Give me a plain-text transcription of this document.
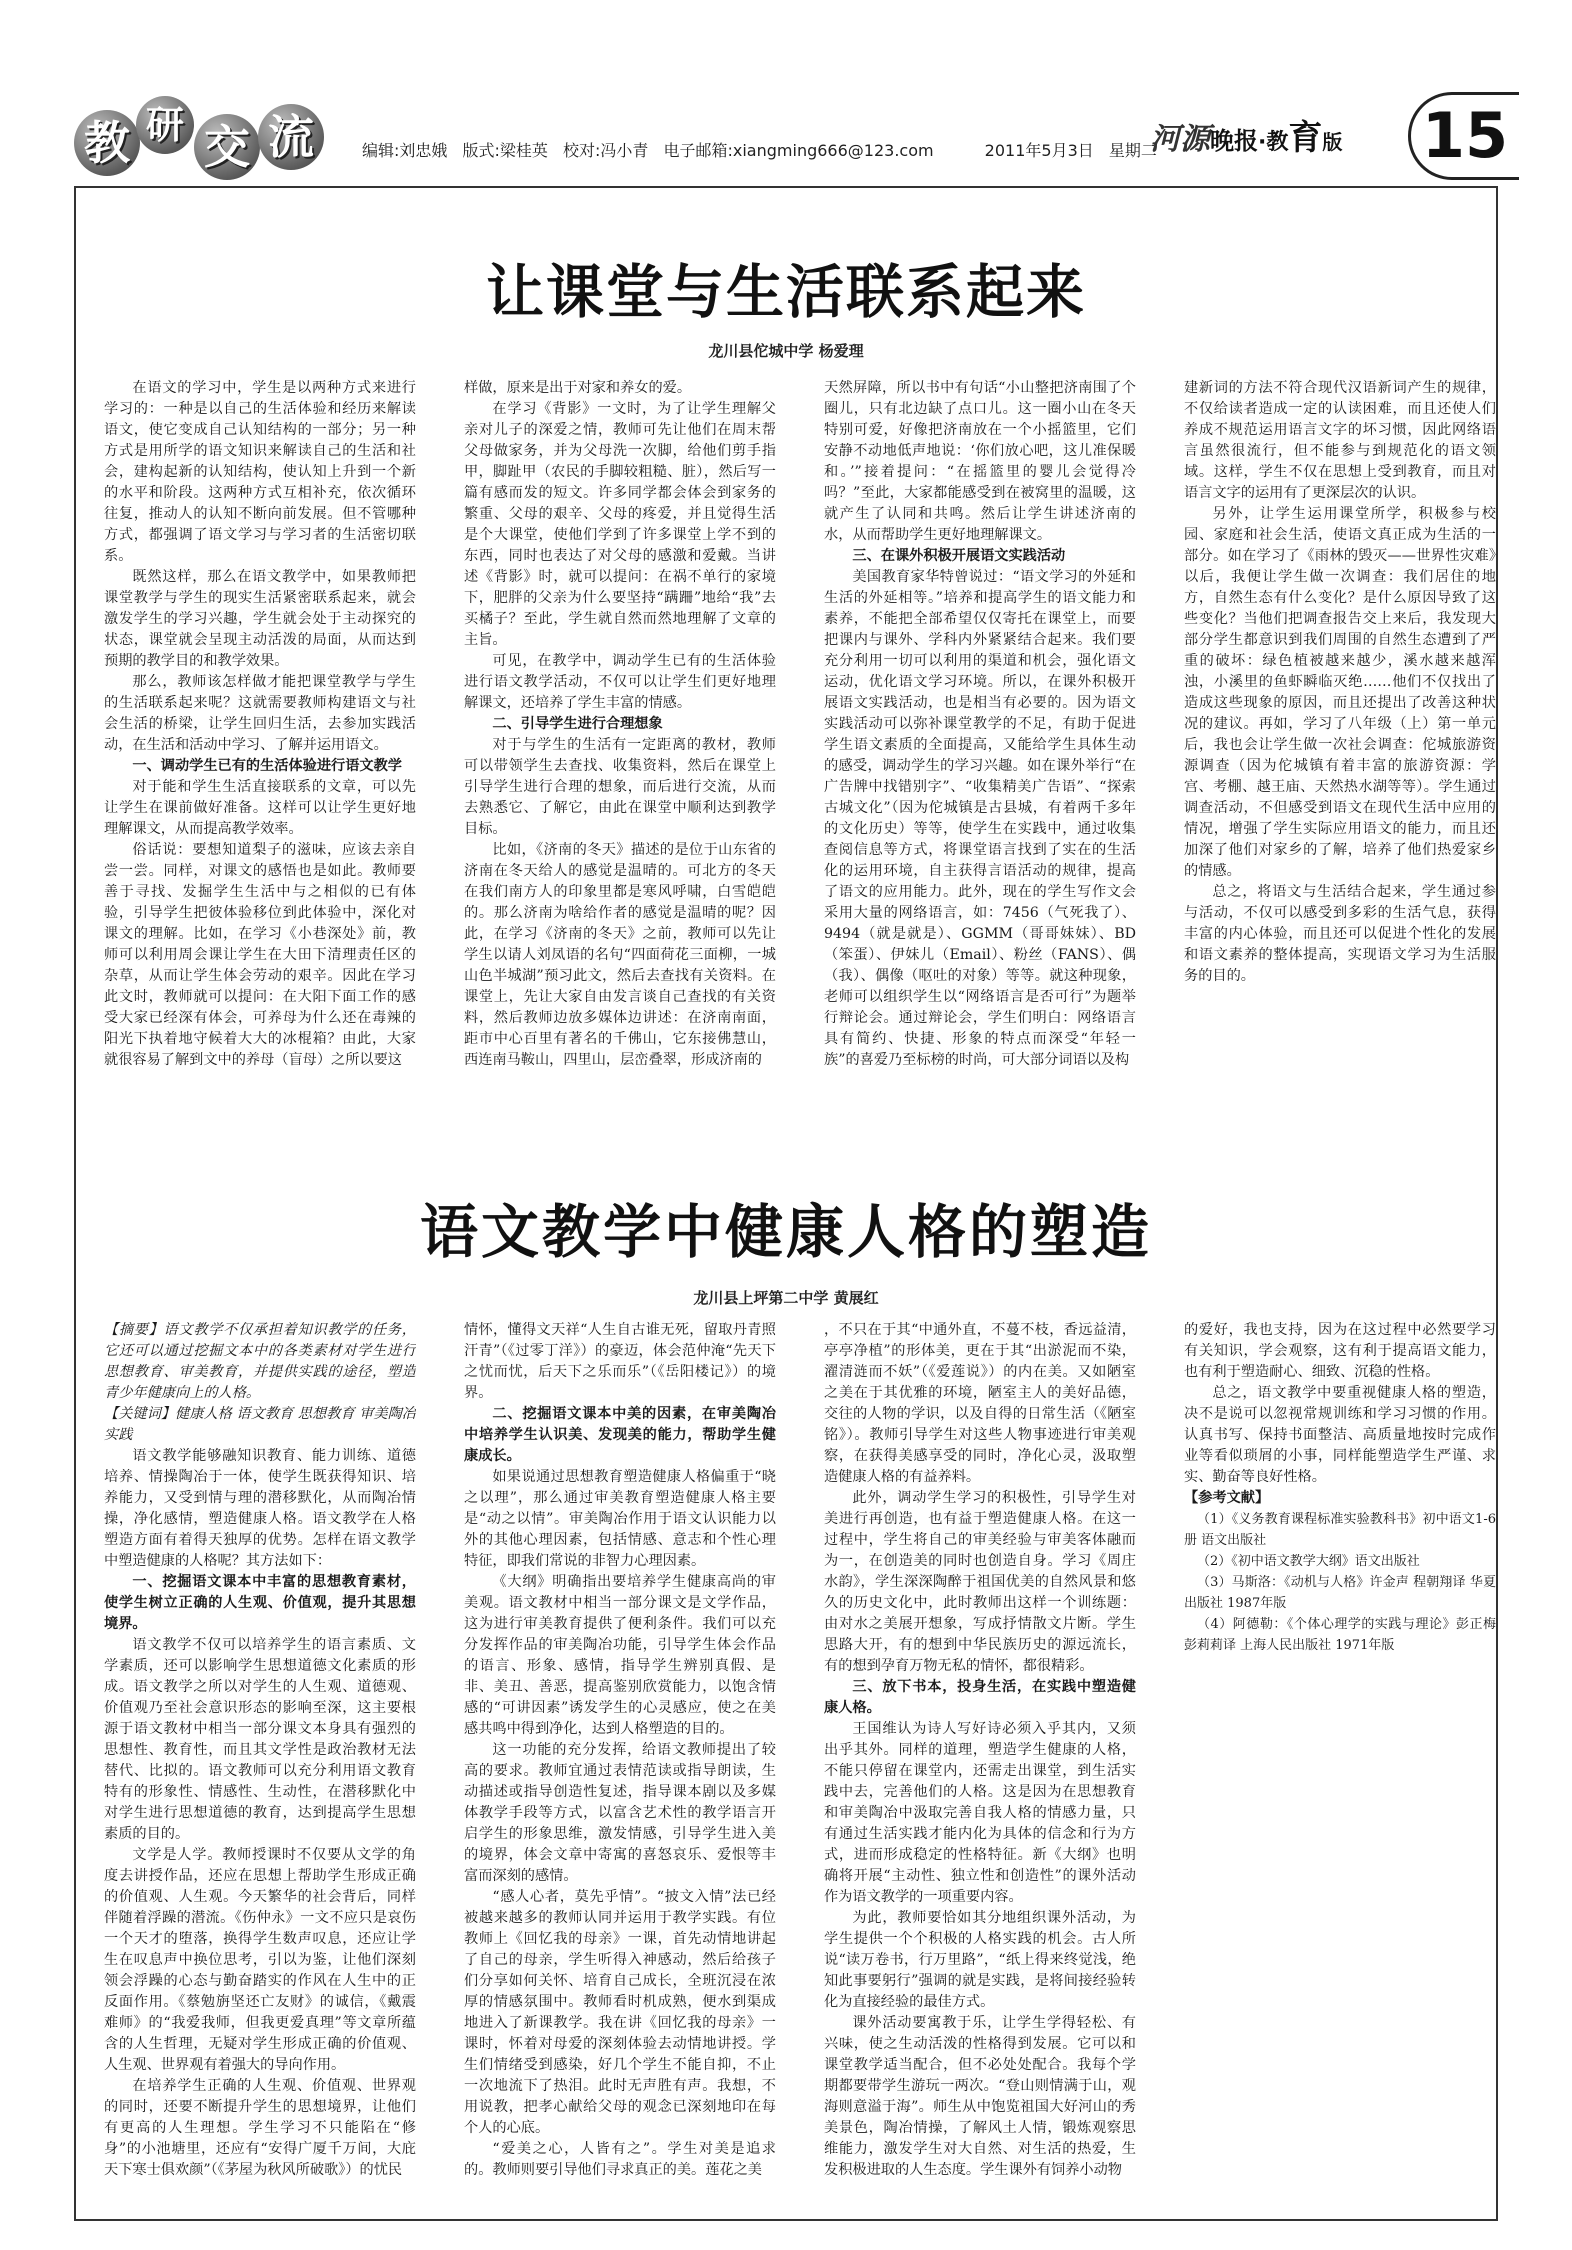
教 研 交 流	编辑:刘忠娥 版式:梁桂英 校对:冯小青 电子邮箱:xiangming666@123.com	2011年5月3日 星期二
河源晚报·教育版	15
让课堂与生活联系起来
龙川县佗城中学 杨爱理

在语文的学习中，学生是以两种方式来进行学习的：一种是以自己的生活体验和经历来解读语文，使它变成自己认知结构的一部分；另一种方式是用所学的语文知识来解读自己的生活和社会，建构起新的认知结构，使认知上升到一个新的水平和阶段。这两种方式互相补充，依次循环往复，推动人的认知不断向前发展。但不管哪种方式，都强调了语文学习与学习者的生活密切联系。

既然这样，那么在语文教学中，如果教师把课堂教学与学生的现实生活紧密联系起来，就会激发学生的学习兴趣，学生就会处于主动探究的状态，课堂就会呈现主动活泼的局面，从而达到预期的教学目的和教学效果。

那么，教师该怎样做才能把课堂教学与学生的生活联系起来呢？这就需要教师构建语文与社会生活的桥梁，让学生回归生活，去参加实践活动，在生活和活动中学习、了解并运用语文。

一、调动学生已有的生活体验进行语文教学

对于能和学生生活直接联系的文章，可以先让学生在课前做好准备。这样可以让学生更好地理解课文，从而提高教学效率。

俗话说：要想知道梨子的滋味，应该去亲自尝一尝。同样，对课文的感悟也是如此。教师要善于寻找、发掘学生生活中与之相似的已有体验，引导学生把彼体验移位到此体验中，深化对课文的理解。比如，在学习《小巷深处》前，教师可以利用周会课让学生在大田下清理责任区的杂草，从而让学生体会劳动的艰辛。因此在学习此文时，教师就可以提问：在大阳下面工作的感受大家已经深有体会，可养母为什么还在毒辣的阳光下执着地守候着大大的冰棍箱？由此，大家就很容易了解到文中的养母（盲母）之所以要这

样做，原来是出于对家和养女的爱。

在学习《背影》一文时，为了让学生理解父亲对儿子的深爱之情，教师可先让他们在周末帮父母做家务，并为父母洗一次脚，给他们剪手指甲，脚趾甲（农民的手脚较粗糙、脏），然后写一篇有感而发的短文。许多同学都会体会到家务的繁重、父母的艰辛、父母的疼爱，并且觉得生活是个大课堂，使他们学到了许多课堂上学不到的东西，同时也表达了对父母的感激和爱戴。当讲述《背影》时，就可以提问：在祸不单行的家境下，肥胖的父亲为什么要坚持“蹒跚”地给“我”去买橘子？至此，学生就自然而然地理解了文章的主旨。

可见，在教学中，调动学生已有的生活体验进行语文教学活动，不仅可以让学生们更好地理解课文，还培养了学生丰富的情感。

二、引导学生进行合理想象

对于与学生的生活有一定距离的教材，教师可以带领学生去查找、收集资料，然后在课堂上引导学生进行合理的想象，而后进行交流，从而去熟悉它、了解它，由此在课堂中顺利达到教学目标。

比如，《济南的冬天》描述的是位于山东省的济南在冬天给人的感觉是温晴的。可北方的冬天在我们南方人的印象里都是寒风呼啸，白雪皑皑的。那么济南为啥给作者的感觉是温晴的呢？因此，在学习《济南的冬天》之前，教师可以先让学生以请人刘凤语的名句“四面荷花三面柳，一城山色半城湖”预习此文，然后去查找有关资料。在课堂上，先让大家自由发言谈自己查找的有关资料，然后教师边放多媒体边讲述：在济南南面，距市中心百里有著名的千佛山，它东接佛慧山，西连南马鞍山，四里山，层峦叠翠，形成济南的

天然屏障，所以书中有句话“小山整把济南围了个圈儿，只有北边缺了点口儿。这一圈小山在冬天特别可爱，好像把济南放在一个小摇篮里，它们安静不动地低声地说：‘你们放心吧，这儿准保暖和。’”接着提问：“在摇篮里的婴儿会觉得冷吗？”至此，大家都能感受到在被窝里的温暖，这就产生了认同和共鸣。然后让学生讲述济南的水，从而帮助学生更好地理解课文。

三、在课外积极开展语文实践活动

美国教育家华特曾说过：“语文学习的外延和生活的外延相等。”培养和提高学生的语文能力和素养，不能把全部希望仅仅寄托在课堂上，而要把课内与课外、学科内外紧紧结合起来。我们要充分利用一切可以利用的渠道和机会，强化语文运动，优化语文学习环境。所以，在课外积极开展语文实践活动，也是相当有必要的。因为语文实践活动可以弥补课堂教学的不足，有助于促进学生语文素质的全面提高，又能给学生具体生动的感受，调动学生的学习兴趣。如在课外举行“在广告牌中找错别字”、“收集精美广告语”、“探索古城文化”（因为佗城镇是古县城，有着两千多年的文化历史）等等，使学生在实践中，通过收集查阅信息等方式，将课堂语言找到了实在的生活化的运用环境，自主获得言语活动的规律，提高了语文的应用能力。此外，现在的学生写作文会采用大量的网络语言，如：7456（气死我了）、9494（就是就是）、GGMM（哥哥妹妹）、BD（笨蛋）、伊妹儿（Email）、粉丝（FANS）、偶（我）、偶像（呕吐的对象）等等。就这种现象，老师可以组织学生以“网络语言是否可行”为题举行辩论会。通过辩论会，学生们明白：网络语言具有简约、快捷、形象的特点而深受“年轻一族”的喜爱乃至标榜的时尚，可大部分词语以及构

建新词的方法不符合现代汉语新词产生的规律，不仅给读者造成一定的认读困难，而且还使人们养成不规范运用语言文字的坏习惯，因此网络语言虽然很流行，但不能参与到规范化的语文领域。这样，学生不仅在思想上受到教育，而且对语言文字的运用有了更深层次的认识。

另外，让学生运用课堂所学，积极参与校园、家庭和社会生活，使语文真正成为生活的一部分。如在学习了《雨林的毁灭——世界性灾难》以后，我便让学生做一次调查：我们居住的地方，自然生态有什么变化？是什么原因导致了这些变化？当他们把调查报告交上来后，我发现大部分学生都意识到我们周围的自然生态遭到了严重的破坏：绿色植被越来越少，溪水越来越浑浊，小溪里的鱼虾瞬临灭绝……他们不仅找出了造成这些现象的原因，而且还提出了改善这种状况的建议。再如，学习了八年级（上）第一单元后，我也会让学生做一次社会调查：佗城旅游资源调查（因为佗城镇有着丰富的旅游资源：学宫、考棚、越王庙、天然热水湖等等）。学生通过调查活动，不但感受到语文在现代生活中应用的情况，增强了学生实际应用语文的能力，而且还加深了他们对家乡的了解，培养了他们热爱家乡的情感。

总之，将语文与生活结合起来，学生通过参与活动，不仅可以感受到多彩的生活气息，获得丰富的内心体验，而且还可以促进个性化的发展和语文素养的整体提高，实现语文学习为生活服务的目的。

语文教学中健康人格的塑造
龙川县上坪第二中学 黄展红

【摘要】语文教学不仅承担着知识教学的任务，它还可以通过挖掘文本中的各类素材对学生进行思想教育、审美教育，并提供实践的途径，塑造青少年健康向上的人格。

【关键词】健康人格 语文教育 思想教育 审美陶冶 实践

语文教学能够融知识教育、能力训练、道德培养、情操陶冶于一体，使学生既获得知识、培养能力，又受到情与理的潜移默化，从而陶冶情操，净化感情，塑造健康人格。语文教学在人格塑造方面有着得天独厚的优势。怎样在语文教学中塑造健康的人格呢？其方法如下：

一、挖掘语文课本中丰富的思想教育素材，使学生树立正确的人生观、价值观，提升其思想境界。

语文教学不仅可以培养学生的语言素质、文学素质，还可以影响学生思想道德文化素质的形成。语文教学之所以对学生的人生观、道德观、价值观乃至社会意识形态的影响至深，这主要根源于语文教材中相当一部分课文本身具有强烈的思想性、教育性，而且其文学性是政治教材无法替代、比拟的。语文教师可以充分利用语文教育特有的形象性、情感性、生动性，在潜移默化中对学生进行思想道德的教育，达到提高学生思想素质的目的。

文学是人学。教师授课时不仅要从文学的角度去讲授作品，还应在思想上帮助学生形成正确的价值观、人生观。今天繁华的社会背后，同样伴随着浮躁的潜流。《伤仲永》一文不应只是哀伤一个天才的堕落，换得学生数声叹息，还应让学生在叹息声中换位思考，引以为鉴，让他们深刻领会浮躁的心态与勤奋踏实的作风在人生中的正反面作用。《蔡勉旃坚还亡友财》的诚信，《戴震难师》的“我爱我师，但我更爱真理”等文章所蕴含的人生哲理，无疑对学生形成正确的价值观、人生观、世界观有着强大的导向作用。

在培养学生正确的人生观、价值观、世界观的同时，还要不断提升学生的思想境界，让他们有更高的人生理想。学生学习不只能陷在“修身”的小池塘里，还应有“安得广厦千万间，大庇天下寒士俱欢颜”（《茅屋为秋风所破歌》）的忧民

情怀，懂得文天祥“人生自古谁无死，留取丹青照汗青”（《过零丁洋》）的豪迈，体会范仲淹“先天下之忧而忧，后天下之乐而乐”（《岳阳楼记》）的境界。

二、挖掘语文课本中美的因素，在审美陶冶中培养学生认识美、发现美的能力，帮助学生健康成长。

如果说通过思想教育塑造健康人格偏重于“晓之以理”，那么通过审美教育塑造健康人格主要是“动之以情”。审美陶冶作用于语文认识能力以外的其他心理因素，包括情感、意志和个性心理特征，即我们常说的非智力心理因素。

《大纲》明确指出要培养学生健康高尚的审美观。语文教材中相当一部分课文是文学作品，这为进行审美教育提供了便利条件。我们可以充分发挥作品的审美陶冶功能，引导学生体会作品的语言、形象、感情，指导学生辨别真假、是非、美丑、善恶，提高鉴别欣赏能力，以饱含情感的“可讲因素”诱发学生的心灵感应，使之在美感共鸣中得到净化，达到人格塑造的目的。

这一功能的充分发挥，给语文教师提出了较高的要求。教师宜通过表情范读或指导朗读，生动描述或指导创造性复述，指导课本剧以及多媒体教学手段等方式，以富含艺术性的教学语言开启学生的形象思维，激发情感，引导学生进入美的境界，体会文章中寄寓的喜怒哀乐、爱恨等丰富而深刻的感情。

“感人心者，莫先乎情”。“披文入情”法已经被越来越多的教师认同并运用于教学实践。有位教师上《回忆我的母亲》一课，首先动情地讲起了自己的母亲，学生听得入神感动，然后给孩子们分享如何关怀、培育自己成长，全班沉浸在浓厚的情感氛围中。教师看时机成熟，便水到渠成地进入了新课教学。我在讲《回忆我的母亲》一课时，怀着对母爱的深刻体验去动情地讲授。学生们情绪受到感染，好几个学生不能自抑，不止一次地流下了热泪。此时无声胜有声。我想，不用说教，把孝心献给父母的观念已深刻地印在每个人的心底。

“爱美之心，人皆有之”。学生对美是追求的。教师则要引导他们寻求真正的美。莲花之美

，不只在于其“中通外直，不蔓不枝，香远益清，亭亭净植”的形体美，更在于其“出淤泥而不染，濯清涟而不妖”（《爱莲说》）的内在美。又如陋室之美在于其优雅的环境，陋室主人的美好品德，交往的人物的学识，以及自得的日常生活（《陋室铭》）。教师引导学生对这些人物事迹进行审美观察，在获得美感享受的同时，净化心灵，汲取塑造健康人格的有益养料。

此外，调动学生学习的积极性，引导学生对美进行再创造，也有益于塑造健康人格。在这一过程中，学生将自己的审美经验与审美客体融而为一，在创造美的同时也创造自身。学习《周庄水韵》，学生深深陶醉于祖国优美的自然风景和悠久的历史文化中，此时教师出这样一个训练题：由对水之美展开想象，写成抒情散文片断。学生思路大开，有的想到中华民族历史的源远流长，有的想到孕育万物无私的情怀，都很精彩。

三、放下书本，投身生活，在实践中塑造健康人格。

王国维认为诗人写好诗必须入乎其内，又须出乎其外。同样的道理，塑造学生健康的人格，不能只停留在课堂内，还需走出课堂，到生活实践中去，完善他们的人格。这是因为在思想教育和审美陶冶中汲取完善自我人格的情感力量，只有通过生活实践才能内化为具体的信念和行为方式，进而形成稳定的性格特征。新《大纲》也明确将开展“主动性、独立性和创造性”的课外活动作为语文教学的一项重要内容。

为此，教师要恰如其分地组织课外活动，为学生提供一个个积极的人格实践的机会。古人所说“读万卷书，行万里路”，“纸上得来终觉浅，绝知此事要躬行”强调的就是实践，是将间接经验转化为直接经验的最佳方式。

课外活动要寓教于乐，让学生学得轻松、有兴味，使之生动活泼的性格得到发展。它可以和课堂教学适当配合，但不必处处配合。我每个学期都要带学生游玩一两次。“登山则情满于山，观海则意溢于海”。师生从中饱览祖国大好河山的秀美景色，陶冶情操，了解风土人情，锻炼观察思维能力，激发学生对大自然、对生活的热爱，生发积极进取的人生态度。学生课外有饲养小动物

的爱好，我也支持，因为在这过程中必然要学习有关知识，学会观察，这有利于提高语文能力，也有利于塑造耐心、细致、沉稳的性格。

总之，语文教学中要重视健康人格的塑造，决不是说可以忽视常规训练和学习习惯的作用。认真书写、保持书面整洁、高质量地按时完成作业等看似琐屑的小事，同样能塑造学生严谨、求实、勤奋等良好性格。

【参考文献】

（1）《义务教育课程标准实验教科书》初中语文1-6册 语文出版社

（2）《初中语文教学大纲》语文出版社

（3）马斯洛：《动机与人格》许金声 程朝翔译 华夏出版社 1987年版

（4）阿德勒：《个体心理学的实践与理论》彭正梅 彭莉莉译 上海人民出版社 1971年版
